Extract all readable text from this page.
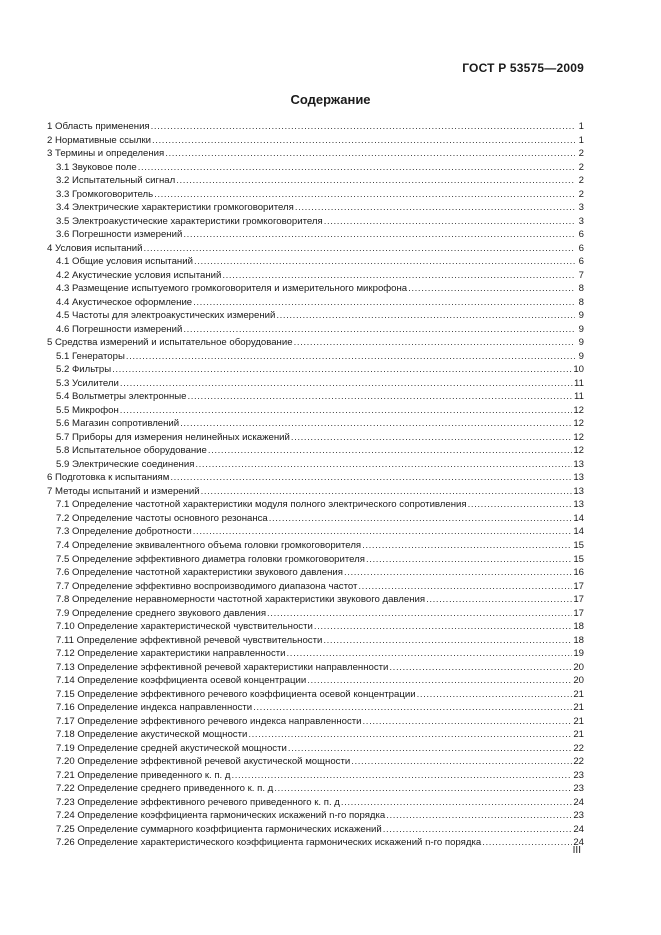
ГОСТ Р 53575—2009
Содержание
1 Область применения .....	1
2 Нормативные ссылки .....	1
3 Термины и определения .....	2
3.1 Звуковое поле .....	2
3.2 Испытательный сигнал .....	2
3.3 Громкоговоритель .....	2
3.4 Электрические характеристики громкоговорителя .....	3
3.5 Электроакустические характеристики громкоговорителя .....	3
3.6 Погрешности измерений .....	6
4 Условия испытаний .....	6
4.1 Общие условия испытаний .....	6
4.2 Акустические условия испытаний .....	7
4.3 Размещение испытуемого громкоговорителя и измерительного микрофона .....	8
4.4 Акустическое оформление .....	8
4.5 Частоты для электроакустических измерений .....	9
4.6 Погрешности измерений .....	9
5 Средства измерений и испытательное оборудование .....	9
5.1 Генераторы .....	9
5.2 Фильтры .....	10
5.3 Усилители .....	11
5.4 Вольтметры электронные .....	11
5.5 Микрофон .....	12
5.6 Магазин сопротивлений .....	12
5.7 Приборы для измерения нелинейных искажений .....	12
5.8 Испытательное оборудование .....	12
5.9 Электрические соединения .....	13
6 Подготовка к испытаниям .....	13
7 Методы испытаний и измерений .....	13
7.1 Определение частотной характеристики модуля полного электрического сопротивления .....	13
7.2 Определение частоты основного резонанса .....	14
7.3 Определение добротности .....	14
7.4 Определение эквивалентного объема головки громкоговорителя .....	15
7.5 Определение эффективного диаметра головки громкоговорителя .....	15
7.6 Определение частотной характеристики звукового давления .....	16
7.7 Определение эффективно воспроизводимого диапазона частот .....	17
7.8 Определение неравномерности частотной характеристики звукового давления .....	17
7.9 Определение среднего звукового давления .....	17
7.10 Определение характеристической чувствительности .....	18
7.11 Определение эффективной речевой чувствительности .....	18
7.12 Определение характеристики направленности .....	19
7.13 Определение эффективной речевой характеристики направленности .....	20
7.14 Определение коэффициента осевой концентрации .....	20
7.15 Определение эффективного речевого коэффициента осевой концентрации .....	21
7.16 Определение индекса направленности .....	21
7.17 Определение эффективного речевого индекса направленности .....	21
7.18 Определение акустической мощности .....	21
7.19 Определение средней акустической мощности .....	22
7.20 Определение эффективной речевой акустической мощности .....	22
7.21 Определение приведенного к. п. д .....	23
7.22 Определение среднего приведенного к. п. д .....	23
7.23 Определение эффективного речевого приведенного к. п. д .....	24
7.24 Определение коэффициента гармонических искажений n-го порядка .....	23
7.25 Определение суммарного коэффициента гармонических искажений .....	24
7.26 Определение характеристического коэффициента гармонических искажений n-го порядка .....	24
III
